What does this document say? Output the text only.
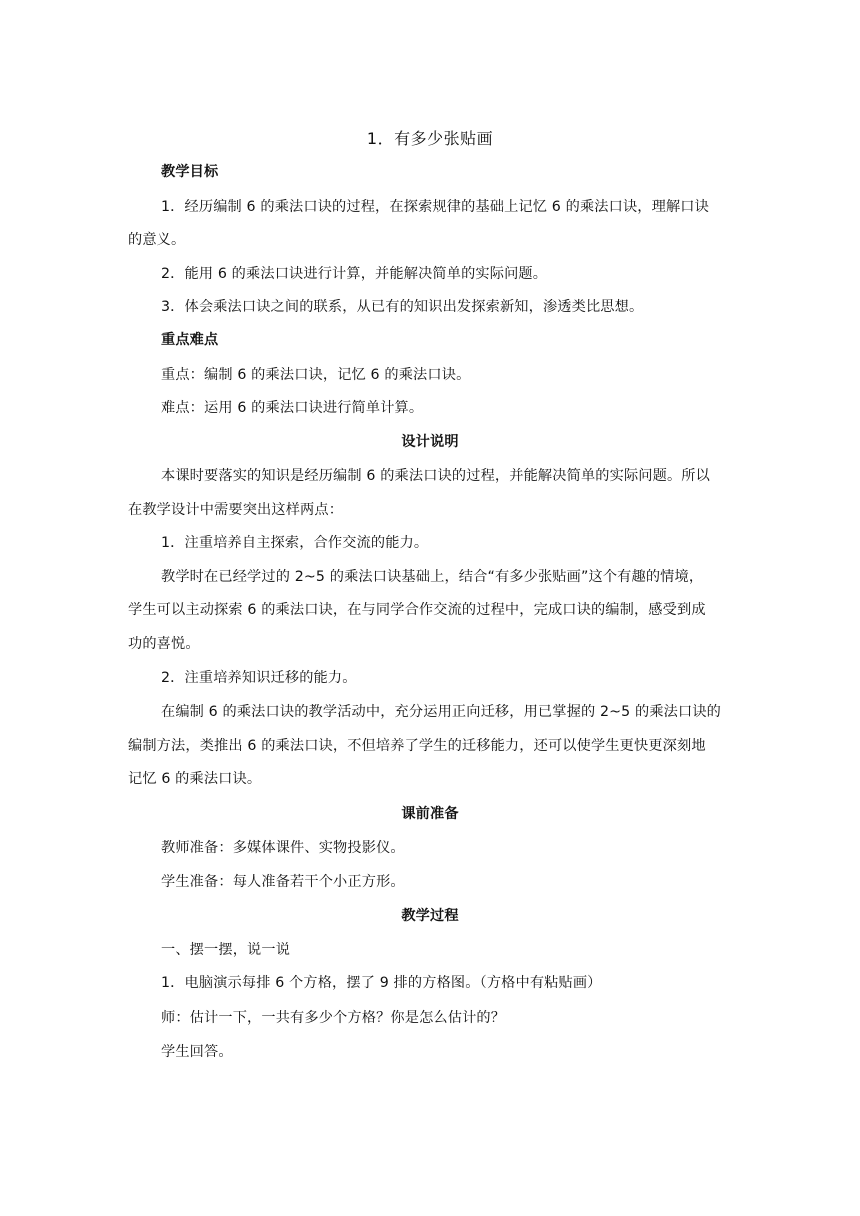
1．有多少张贴画
教学目标
1．经历编制 6 的乘法口诀的过程，在探索规律的基础上记忆 6 的乘法口诀，理解口诀
的意义。
2．能用 6 的乘法口诀进行计算，并能解决简单的实际问题。
3．体会乘法口诀之间的联系，从已有的知识出发探索新知，渗透类比思想。
重点难点
重点：编制 6 的乘法口诀，记忆 6 的乘法口诀。
难点：运用 6 的乘法口诀进行简单计算。
设计说明
本课时要落实的知识是经历编制 6 的乘法口诀的过程，并能解决简单的实际问题。所以
在教学设计中需要突出这样两点：
1．注重培养自主探索，合作交流的能力。
教学时在已经学过的 2~5 的乘法口诀基础上，结合“有多少张贴画”这个有趣的情境，
学生可以主动探索 6 的乘法口诀，在与同学合作交流的过程中，完成口诀的编制，感受到成
功的喜悦。
2．注重培养知识迁移的能力。
在编制 6 的乘法口诀的教学活动中，充分运用正向迁移，用已掌握的 2~5 的乘法口诀的
编制方法，类推出 6 的乘法口诀，不但培养了学生的迁移能力，还可以使学生更快更深刻地
记忆 6 的乘法口诀。
课前准备
教师准备：多媒体课件、实物投影仪。
学生准备：每人准备若干个小正方形。
教学过程
一、摆一摆，说一说
1．电脑演示每排 6 个方格，摆了 9 排的方格图。（方格中有粘贴画）
师：估计一下，一共有多少个方格？你是怎么估计的？
学生回答。
